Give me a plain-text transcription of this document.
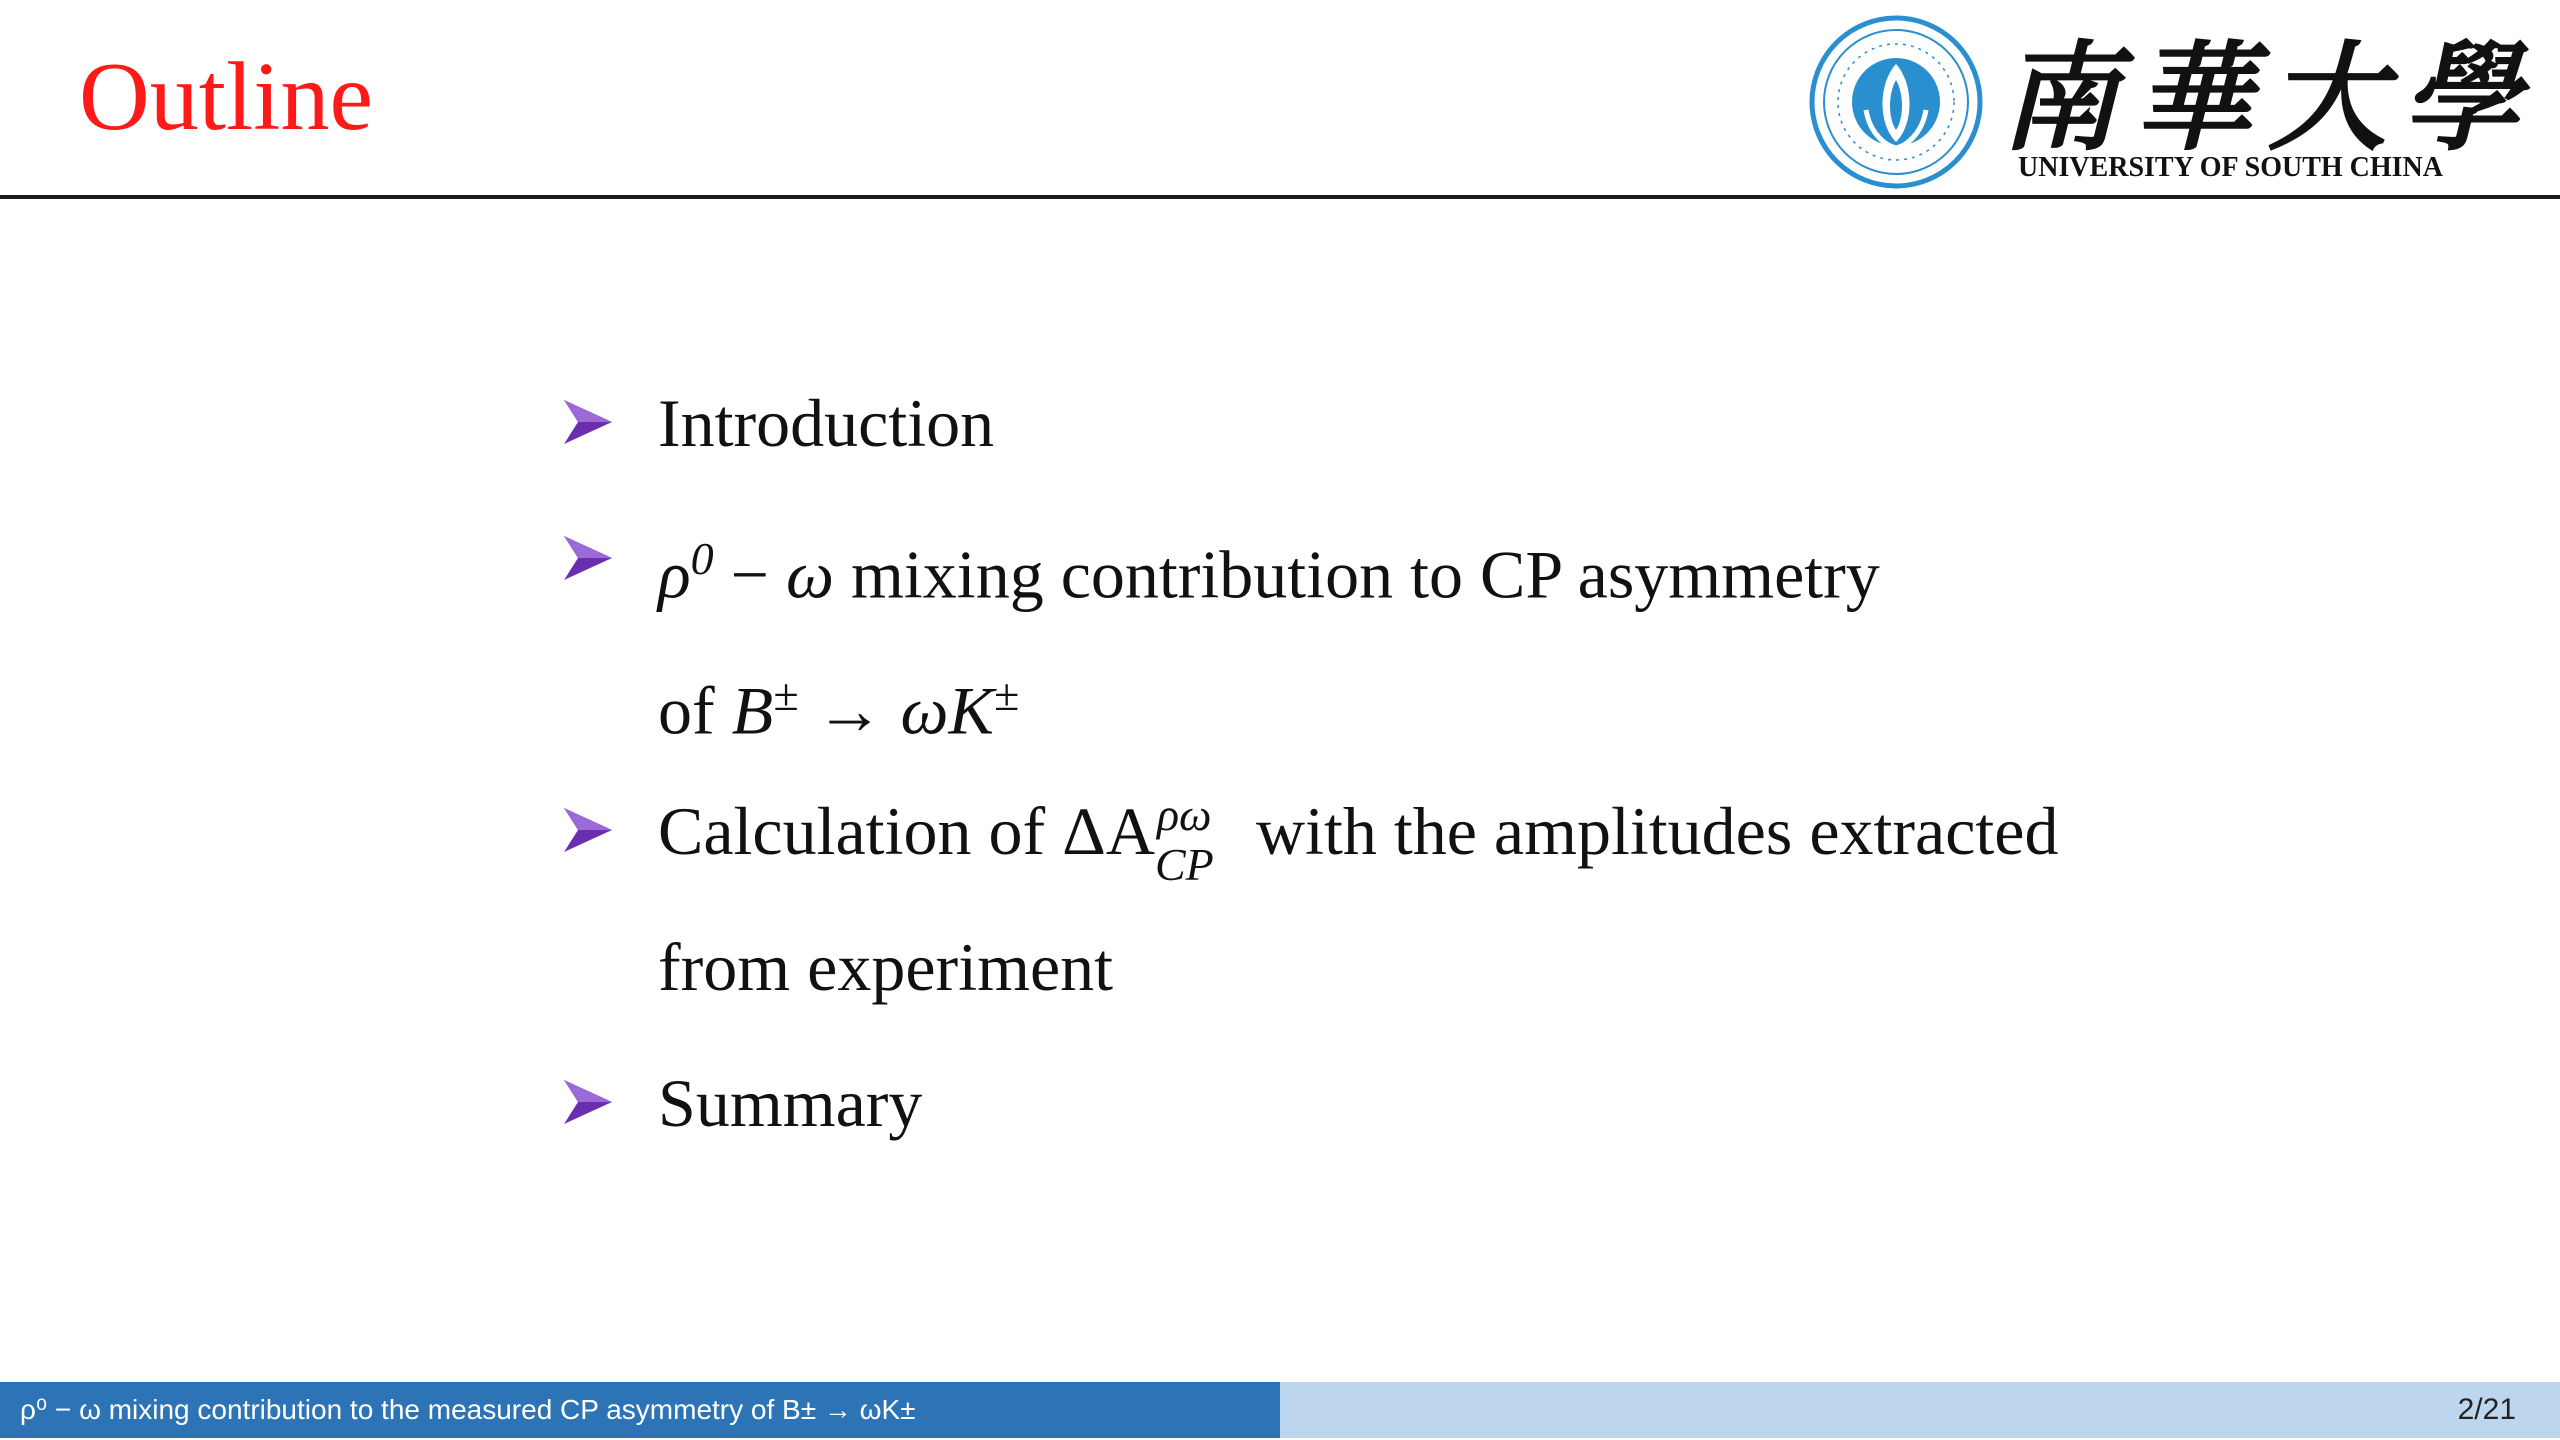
Outline	南 華 大 學
UNIVERSITY OF SOUTH CHINA
Introduction
$\rho^0 - \omega$ mixing contribution to CP asymmetry
of B± → ωK±
Calculation of ΔA ρω
CP with the amplitudes extracted
from experiment
Summary
ρ⁰ − ω mixing contribution to the measured CP asymmetry of B± → ωK±	2/21
